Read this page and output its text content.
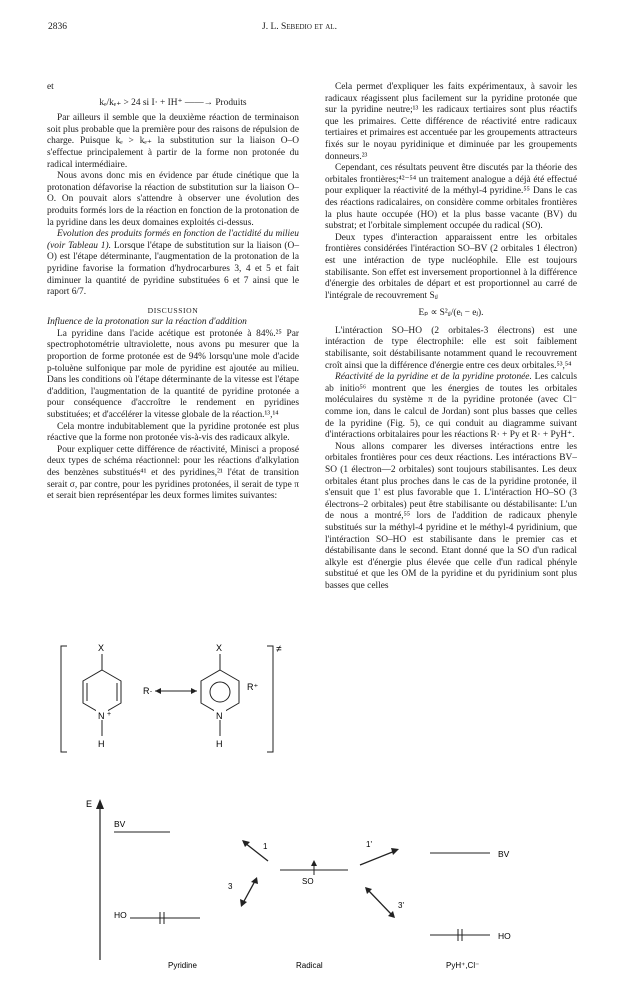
2836	J. L. Sebedio et al.

et

kₑ/kₑ₊ > 24 si I· + IH⁺ ——→ Produits

Par ailleurs il semble que la deuxième réaction de terminaison soit plus probable que la première pour des raisons de répulsion de charge. Puisque kₑ > kₑ₊ la substitution sur la liaison O–O s'effectue principalement à partir de la forme non protonée du radical intermédiaire.

Nous avons donc mis en évidence par étude cinétique que la protonation défavorise la réaction de substitution sur la liaison O–O. On pouvait alors s'attendre à observer une évolution des produits formés lors de la réaction en fonction de la protonation de la pyridine dans les deux domaines exploités ci-dessus.

Evolution des produits formés en fonction de l'actidité du milieu (voir Tableau 1). Lorsque l'étape de substitution sur la liaison (O–O) est l'étape déterminante, l'augmentation de la protonation de la pyridine favorise la formation d'hydrocarbures 3, 4 et 5 et fait diminuer la quantité de pyridine substituées 6 et 7 ainsi que le raport 6/7.

DISCUSSION

Influence de la protonation sur la réaction d'addition

La pyridine dans l'acide acétique est protonée à 84%.²⁵ Par spectrophotométrie ultraviolette, nous avons pu mesurer que la proportion de forme protonée est de 94% lorsqu'une mole d'acide p-toluène sulfonique par mole de pyridine est ajoutée au milieu. Dans les conditions où l'étape déterminante de la vitesse est l'étape d'addition, l'augmentation de la quantité de pyridine protonée a pour conséquence d'accroître le rendement en pyridines substituées; et d'accélérer la vitesse globale de la réaction.¹³,¹⁴

Cela montre indubitablement que la pyridine protonée est plus réactive que la forme non protonée vis-à-vis des radicaux alkyle.

Pour expliquer cette différence de réactivité, Minisci a proposé deux types de schéma réactionnel: pour les réactions d'alkylation des benzènes substitués⁴¹ et des pyridines,²¹ l'état de transition serait σ, par contre, pour les pyridines protonées, il serait de type π et serait bien représentépar les deux formes limites suivantes:

≠
X
N +
H
R·
X
N
H
R⁺

Cela permet d'expliquer les faits expérimentaux, à savoir les radicaux réagissent plus facilement sur la pyridine protonée que sur la pyridine neutre;¹³ les radicaux tertiaires sont plus réactifs que les primaires. Cette différence de réactivité entre radicaux tertiaires et primaires est accentuée par les groupements attracteurs fixés sur le noyau pyridinique et diminuée par les groupements donneurs.²³

Cependant, ces résultats peuvent être discutés par la théorie des orbitales frontières;⁴²⁻⁵⁴ un traitement analogue a déjà été effectué pour expliquer la réactivité de la méthyl-4 pyridine.⁵⁵ Dans le cas des réactions radicalaires, on considère comme orbitales frontières la plus haute occupée (HO) et la plus basse vacante (BV) du substrat; et l'orbitale simplement occupée du radical (SO).

Deux types d'interaction apparaissent entre les orbitales frontières considérées l'intéraction SO–BV (2 orbitales 1 électron) est une intéraction de type nucléophile. Elle est toujours stabilisante. Son effet est inversement proportionnel à la différence d'énergie des orbitales de départ et est proportionnel au carré de l'intégrale de recouvrement Sᵢⱼ

Eₚ ∝ S²ᵢⱼ/(eᵢ − eⱼ).

L'intéraction SO–HO (2 orbitales-3 électrons) est une intéraction de type électrophile: elle est soit faiblement stabilisante, soit déstabilisante notamment quand le recouvrement croît ainsi que la différence d'énergie entre ces deux orbitales.⁵³,⁵⁴

Réactivité de la pyridine et de la pyridine protonée. Les calculs ab initio⁵⁶ montrent que les énergies de toutes les orbitales moléculaires du système π de la pyridine protonée (avec Cl⁻ comme ion, dans le calcul de Jordan) sont plus basses que celles de la pyridine (Fig. 5), ce qui conduit au diagramme suivant d'intéractions orbitalaires pour les réactions R· + Py et R· + PyH⁺.

Nous allons comparer les diverses intéractions entre les orbitales frontières pour ces deux réactions. Les intéractions BV–SO (1 électron—2 orbitales) sont toujours stabilisantes. Les deux orbitales étant plus proches dans le cas de la pyridine protonée, il s'ensuit que 1' est plus favorable que 1. L'intéraction HO–SO (3 électrons–2 orbitales) peut être stabilisante ou déstabilisante: L'un de nous a montré,⁵⁵ lors de l'addition de radicaux phenyle substitués sur la méthyl-4 pyridine et le méthyl-4 pyridinium, que l'intéraction SO–HO est stabilisante dans le premier cas et déstabilisante dans le second. Etant donné que la SO d'un radical alkyle est d'énergie plus élevée que celle d'un radical phényle substitué et que les OM de la pyridine et du pyridinium sont plus basses que celles

E
BV
HO
SO
BV
HO
1	1'
3
3'
Pyridine	Radical	PyH⁺,Cl⁻
